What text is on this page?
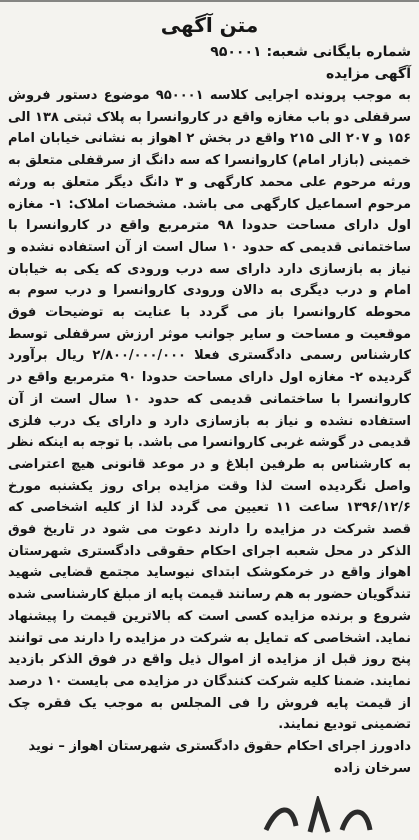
متن آگهی
شماره بایگانی شعبه: ۹۵۰۰۰۱
آگهی مزایده
به موجب پرونده اجرایی کلاسه ۹۵۰۰۰۱ موضوع دستور فروش سرقفلی دو باب مغازه واقع در کاروانسرا به پلاک ثبتی ۱۳۸ الی ۱۵۶ و ۲۰۷ الی ۲۱۵ واقع در بخش ۲ اهواز به نشانی خیابان امام خمینی (بازار امام) کاروانسرا که سه دانگ از سرقفلی متعلق به ورثه مرحوم علی محمد کارگهی و ۳ دانگ دیگر متعلق به ورثه مرحوم اسماعیل کارگهی می باشد. مشخصات املاک: ۱- مغازه اول دارای مساحت حدودا ۹۸ مترمربع واقع در کاروانسرا با ساختمانی قدیمی که حدود ۱۰ سال است از آن استفاده نشده و نیاز به بازسازی دارد دارای سه درب ورودی که یکی به خیابان امام و درب دیگری به دالان ورودی کاروانسرا و درب سوم به محوطه کاروانسرا باز می گردد با عنایت به توضیحات فوق موقعیت و مساحت و سایر جوانب موثر ارزش سرقفلی توسط کارشناس رسمی دادگستری فعلا ۲/۸۰۰/۰۰۰/۰۰۰ ریال برآورد گردیده ۲- مغازه اول دارای مساحت حدودا ۹۰ مترمربع واقع در کاروانسرا با ساختمانی قدیمی که حدود ۱۰ سال است از آن استفاده نشده و نیاز به بازسازی دارد و دارای یک درب فلزی قدیمی در گوشه غربی کاروانسرا می باشد. با توجه به اینکه نظر به کارشناس به طرفین ابلاغ و در موعد قانونی هیچ اعتراضی واصل نگردیده است لذا وقت مزایده برای روز یکشنبه مورخ ۱۳۹۶/۱۲/۶ ساعت ۱۱ تعیین می گردد لذا از کلیه اشخاصی که قصد شرکت در مزایده را دارند دعوت می شود در تاریخ فوق الذکر در محل شعبه اجرای احکام حقوقی دادگستری شهرستان اهواز واقع در خرمکوشک ابتدای نیوساید مجتمع قضایی شهید تندگویان حضور به هم رسانند قیمت پایه از مبلغ کارشناسی شده شروع و برنده مزایده کسی است که بالاترین قیمت را پیشنهاد نماید. اشخاصی که تمایل به شرکت در مزایده را دارند می توانند پنج روز قبل از مزایده از اموال ذیل واقع در فوق الذکر بازدید نمایند. ضمنا کلیه شرکت کنندگان در مزایده می بایست ۱۰ درصد از قیمت پایه فروش را فی المجلس به موجب یک فقره چک تضمینی تودیع نمایند.
دادورز اجرای احکام حقوق دادگستری شهرستان اهواز – نوید سرخان زاده
